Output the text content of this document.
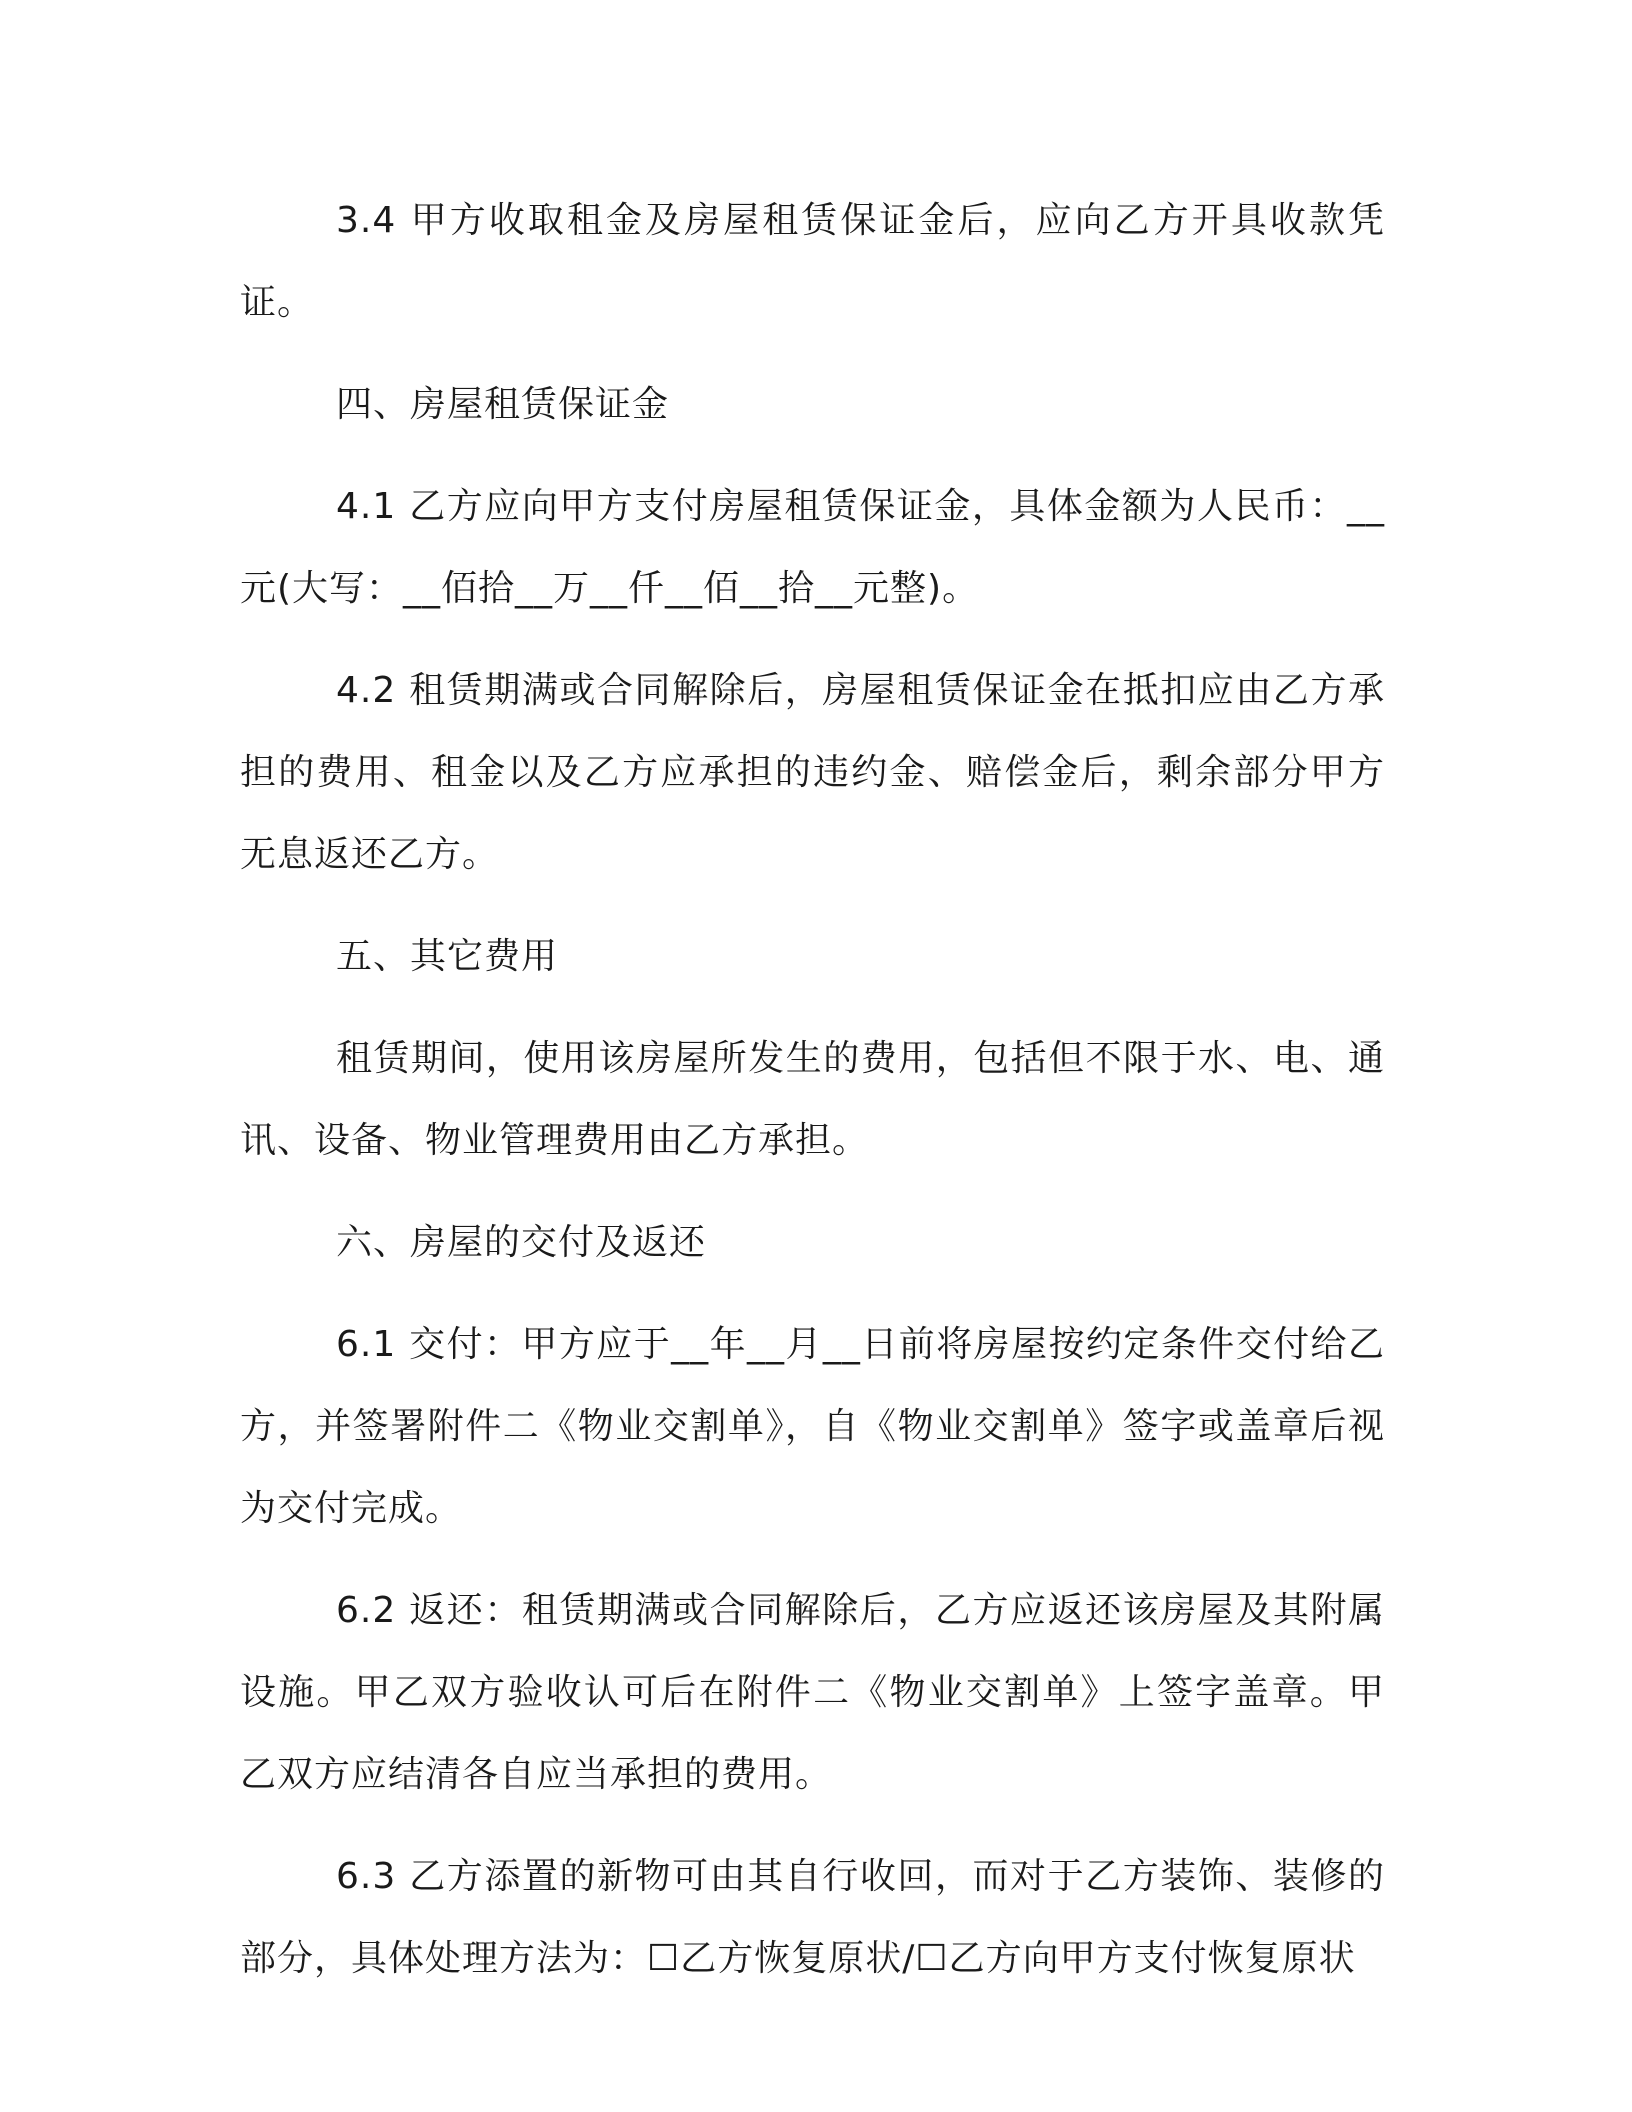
3.4 甲方收取租金及房屋租赁保证金后，应向乙方开具收款凭证。

四、房屋租赁保证金

4.1 乙方应向甲方支付房屋租赁保证金，具体金额为人民币：__元(大写：__佰拾__万__仟__佰__拾__元整)。

4.2 租赁期满或合同解除后，房屋租赁保证金在抵扣应由乙方承担的费用、租金以及乙方应承担的违约金、赔偿金后，剩余部分甲方无息返还乙方。

五、其它费用

租赁期间，使用该房屋所发生的费用，包括但不限于水、电、通讯、设备、物业管理费用由乙方承担。

六、房屋的交付及返还

6.1 交付：甲方应于__年__月__日前将房屋按约定条件交付给乙方，并签署附件二《物业交割单》，自《物业交割单》签字或盖章后视为交付完成。

6.2 返还：租赁期满或合同解除后，乙方应返还该房屋及其附属设施。甲乙双方验收认可后在附件二《物业交割单》上签字盖章。甲乙双方应结清各自应当承担的费用。

6.3 乙方添置的新物可由其自行收回，而对于乙方装饰、装修的部分，具体处理方法为：☐乙方恢复原状/☐乙方向甲方支付恢复原状
